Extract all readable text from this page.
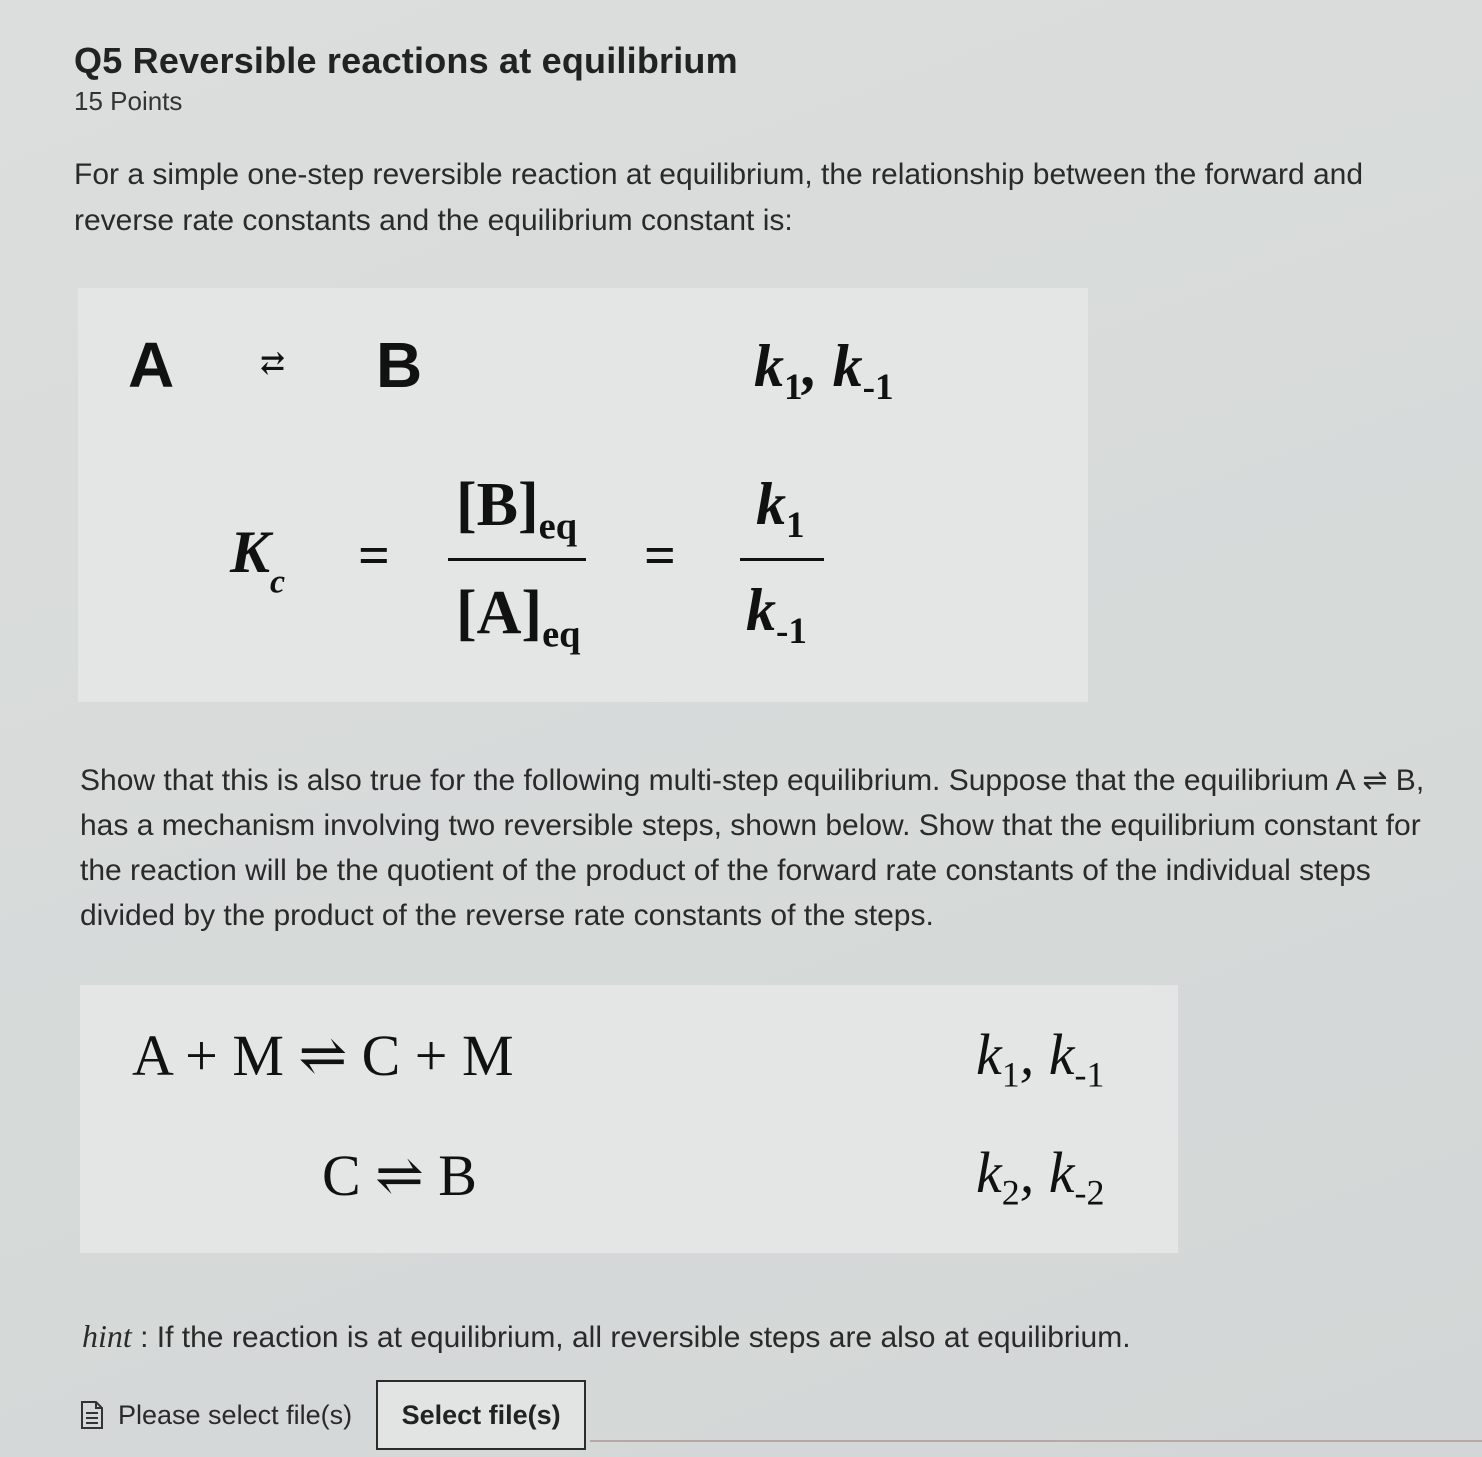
Q5 Reversible reactions at equilibrium
15 Points
For a simple one-step reversible reaction at equilibrium, the relationship between the forward and reverse rate constants and the equilibrium constant is:
A	⇄ B	$k_1$, $k_{-1}$
$K_c$ =
$[B]_{eq}$
$[A]_{eq}$
=
$k_1$
$k_{-1}$
Show that this is also true for the following multi-step equilibrium. Suppose that the equilibrium A ⇌ B, has a mechanism involving two reversible steps, shown below. Show that the equilibrium constant for the reaction will be the quotient of the product of the forward rate constants of the individual steps divided by the product of the reverse rate constants of the steps.
A + M ⇌ C + M	$k_1$, $k_{-1}$
C ⇌ B	$k_2$, $k_{-2}$
hint : If the reaction is at equilibrium, all reversible steps are also at equilibrium.
Please select file(s)	Select file(s)
